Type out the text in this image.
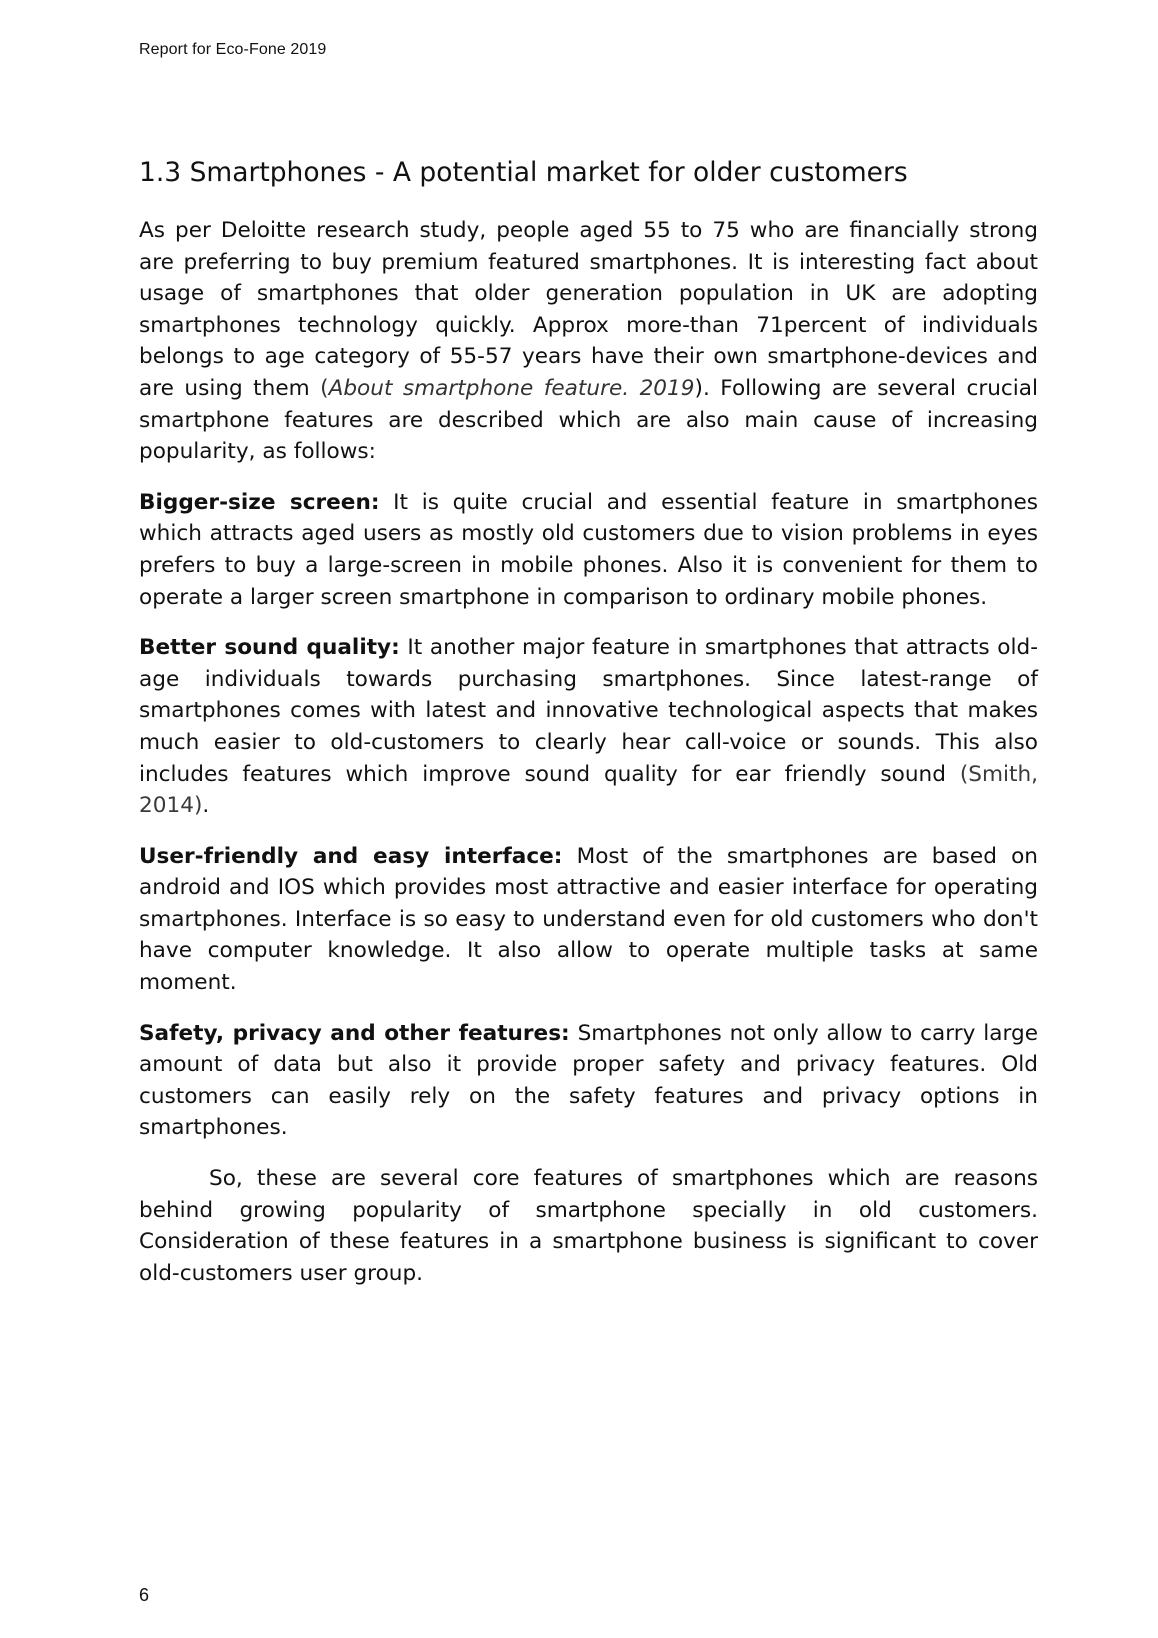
Report for Eco-Fone 2019
1.3 Smartphones - A potential market for older customers

As per Deloitte research study, people aged 55 to 75 who are financially strong are preferring to buy premium featured smartphones. It is interesting fact about usage of smartphones that older generation population in UK are adopting smartphones technology quickly. Approx more-than 71percent of individuals belongs to age category of 55-57 years have their own smartphone-devices and are using them (About smartphone feature. 2019). Following are several crucial smartphone features are described which are also main cause of increasing popularity, as follows:

Bigger-size screen: It is quite crucial and essential feature in smartphones which attracts aged users as mostly old customers due to vision problems in eyes prefers to buy a large-screen in mobile phones. Also it is convenient for them to operate a larger screen smartphone in comparison to ordinary mobile phones.

Better sound quality: It another major feature in smartphones that attracts old-age individuals towards purchasing smartphones. Since latest-range of smartphones comes with latest and innovative technological aspects that makes much easier to old-customers to clearly hear call-voice or sounds. This also includes features which improve sound quality for ear friendly sound (Smith, 2014).

User-friendly and easy interface: Most of the smartphones are based on android and IOS which provides most attractive and easier interface for operating smartphones. Interface is so easy to understand even for old customers who don't have computer knowledge. It also allow to operate multiple tasks at same moment.

Safety, privacy and other features: Smartphones not only allow to carry large amount of data but also it provide proper safety and privacy features. Old customers can easily rely on the safety features and privacy options in smartphones.

So, these are several core features of smartphones which are reasons behind growing popularity of smartphone specially in old customers. Consideration of these features in a smartphone business is significant to cover old-customers user group.

6
